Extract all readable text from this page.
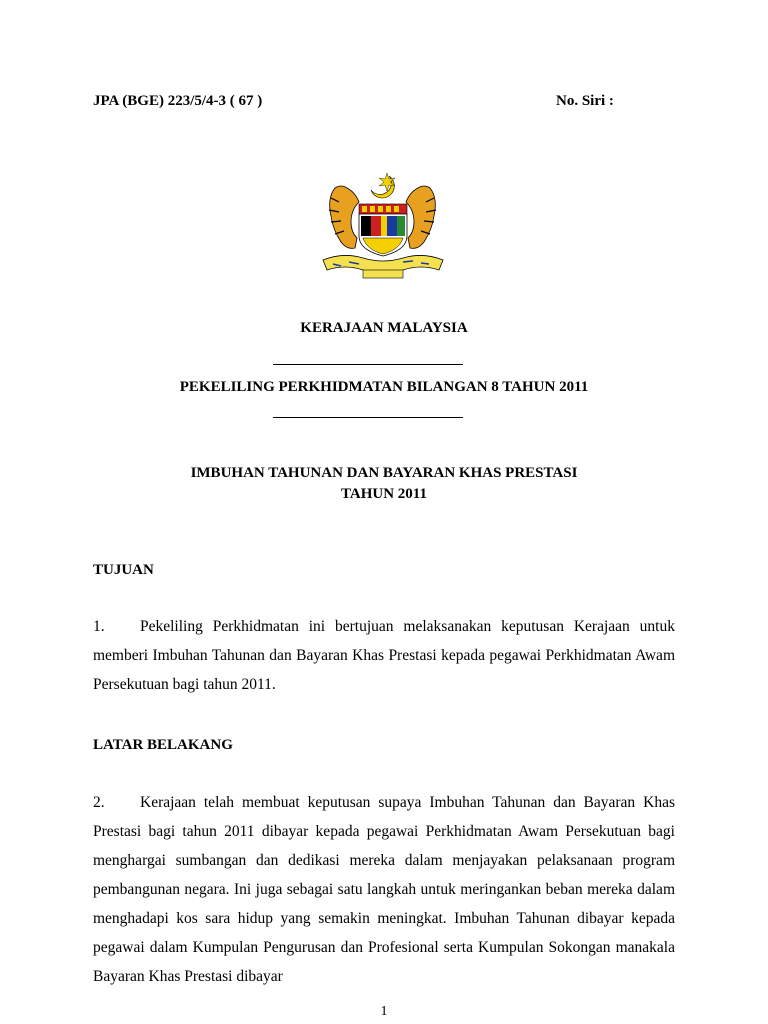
JPA (BGE) 223/5/4-3 ( 67 )	No. Siri :
KERAJAAN MALAYSIA
PEKELILING PERKHIDMATAN BILANGAN 8 TAHUN 2011
IMBUHAN TAHUNAN DAN BAYARAN KHAS PRESTASI
TAHUN 2011
TUJUAN

1. Pekeliling Perkhidmatan ini bertujuan melaksanakan keputusan Kerajaan untuk memberi Imbuhan Tahunan dan Bayaran Khas Prestasi kepada pegawai Perkhidmatan Awam Persekutuan bagi tahun 2011.

LATAR BELAKANG

2. Kerajaan telah membuat keputusan supaya Imbuhan Tahunan dan Bayaran Khas Prestasi bagi tahun 2011 dibayar kepada pegawai Perkhidmatan Awam Persekutuan bagi menghargai sumbangan dan dedikasi mereka dalam menjayakan pelaksanaan program pembangunan negara. Ini juga sebagai satu langkah untuk meringankan beban mereka dalam menghadapi kos sara hidup yang semakin meningkat. Imbuhan Tahunan dibayar kepada pegawai dalam Kumpulan Pengurusan dan Profesional serta Kumpulan Sokongan manakala Bayaran Khas Prestasi dibayar

1
